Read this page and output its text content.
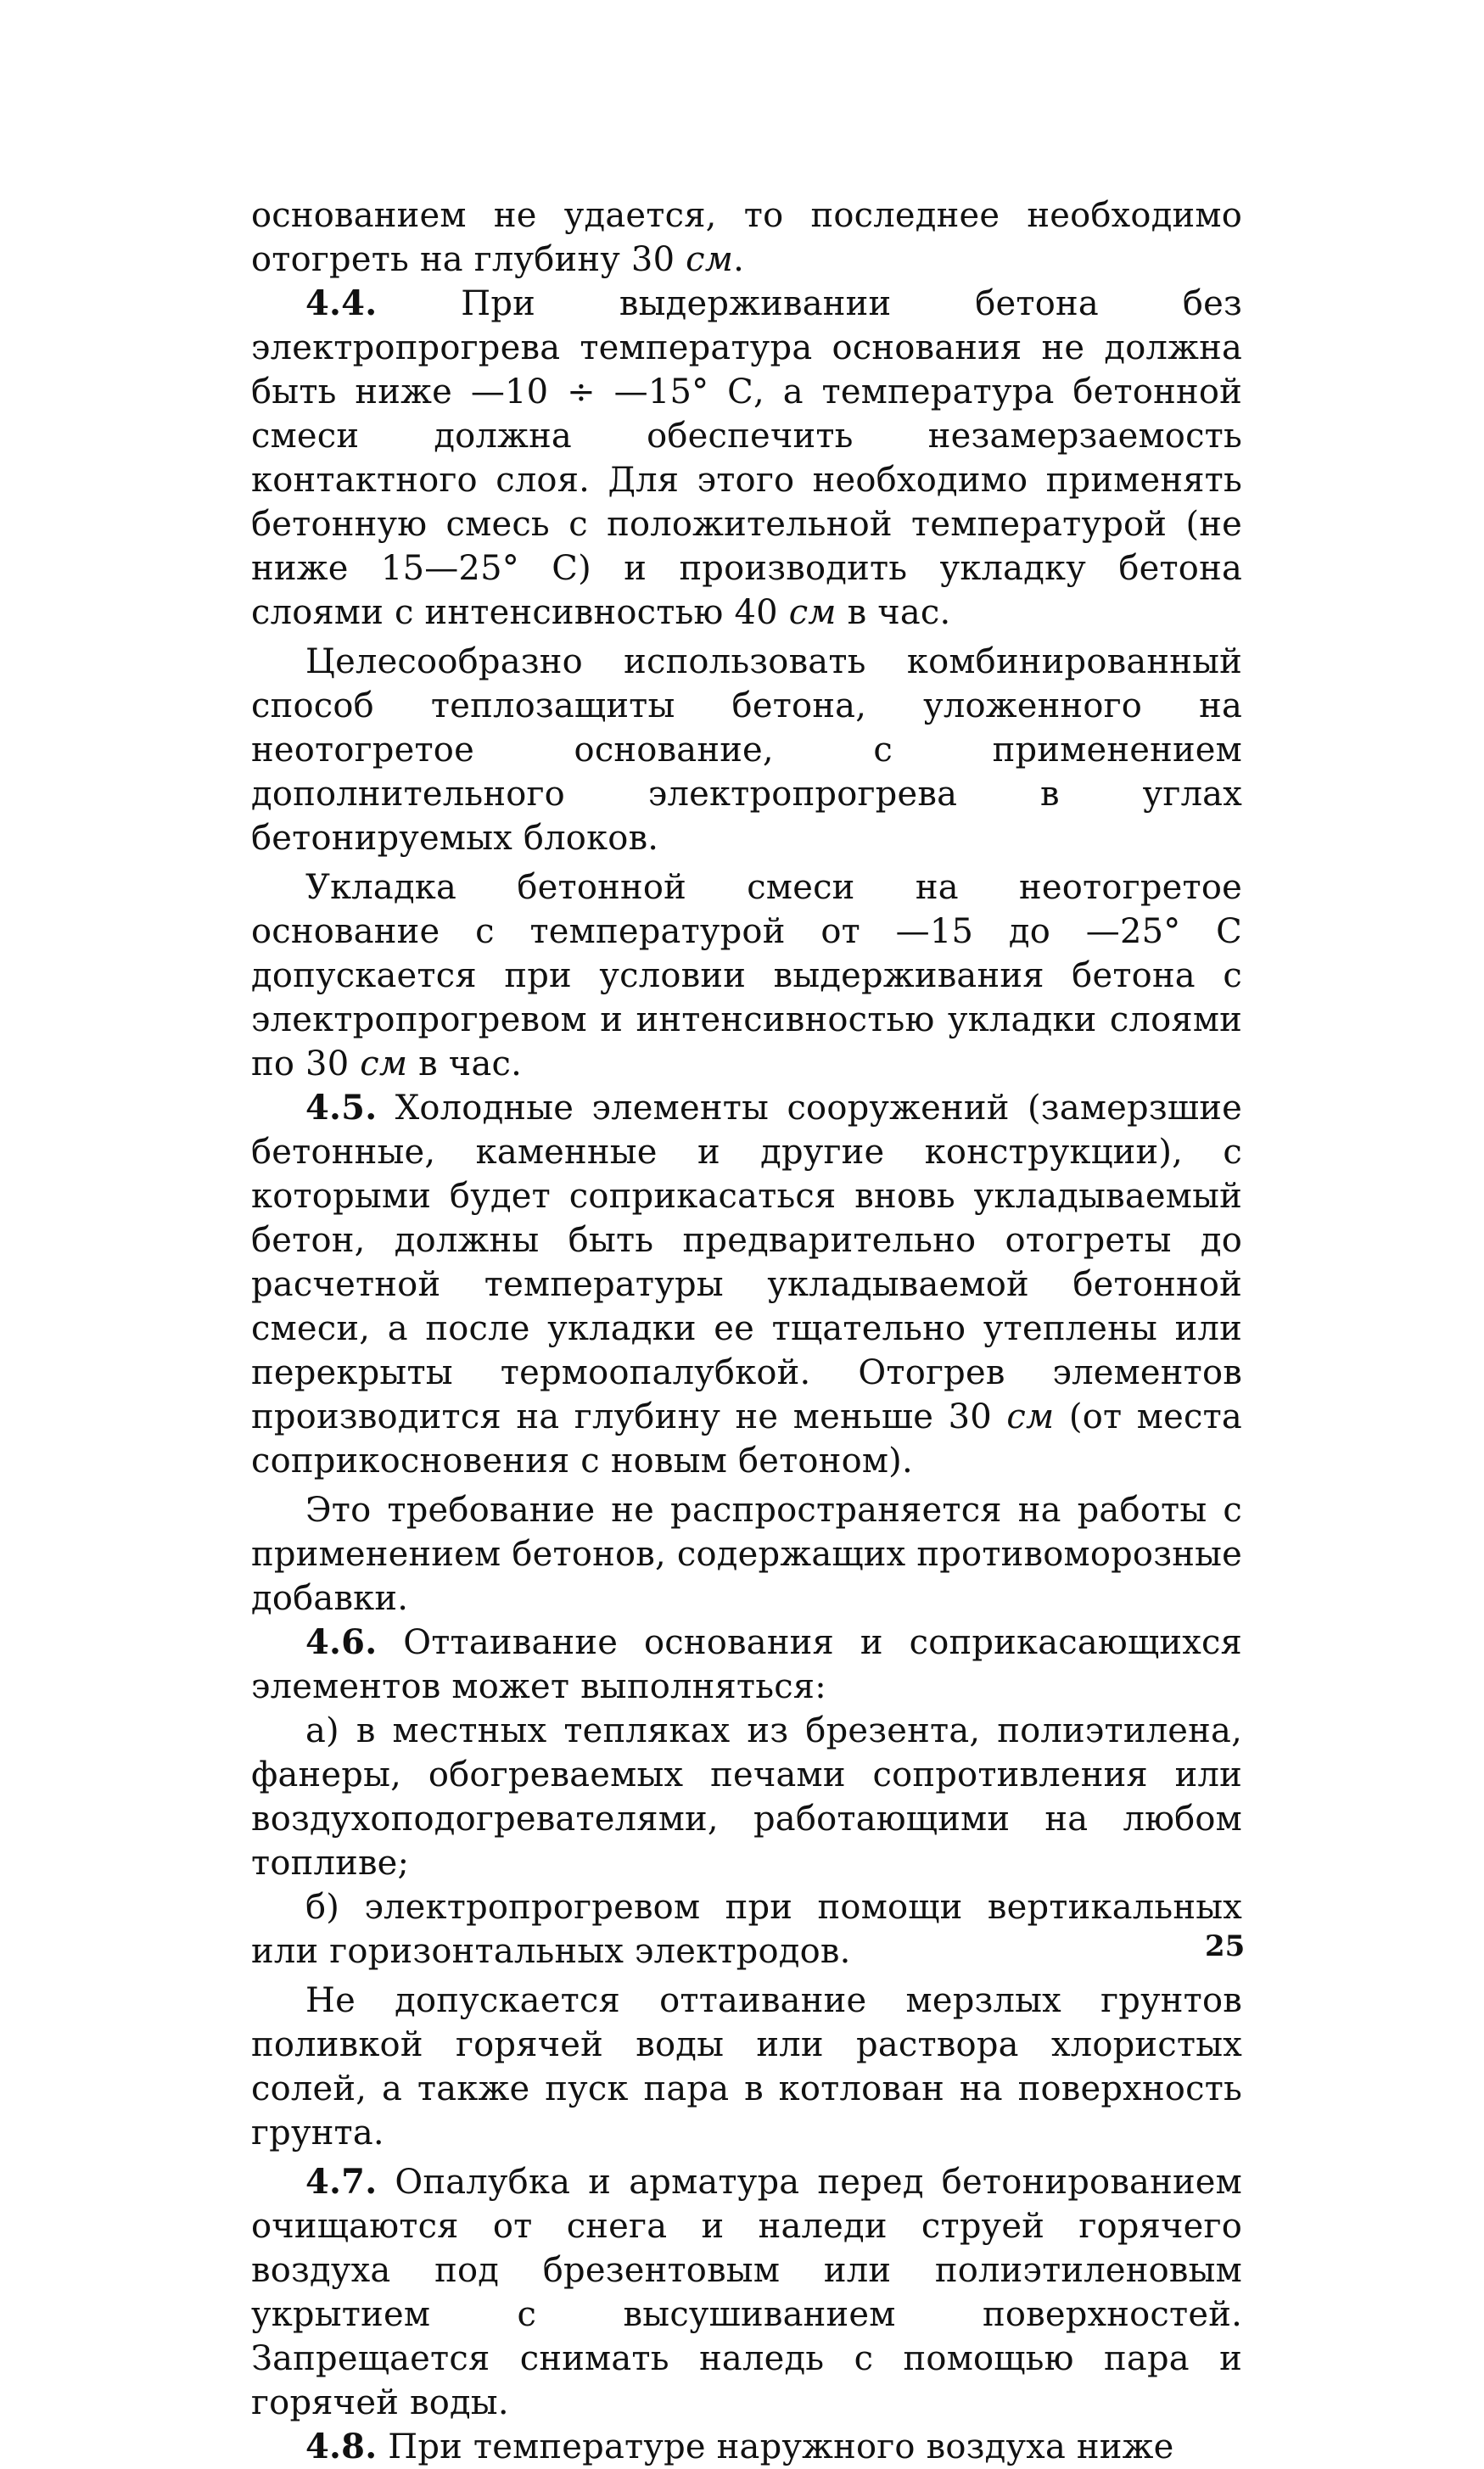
основанием не удается, то последнее необходимо отогреть на глубину 30 см.

4.4. При выдерживании бетона без электропрогрева температура основания не должна быть ниже —10 ÷ —15° С, а температура бетонной смеси должна обеспечить незамерзаемость контактного слоя. Для этого необходимо применять бетонную смесь с положительной температурой (не ниже 15—25° С) и производить укладку бетона слоями с интенсивностью 40 см в час.

Целесообразно использовать комбинированный способ теплозащиты бетона, уложенного на неотогретое основание, с применением дополнительного электропрогрева в углах бетонируемых блоков.

Укладка бетонной смеси на неотогретое основание с температурой от —15 до —25° С допускается при условии выдерживания бетона с электропрогревом и интенсивностью укладки слоями по 30 см в час.

4.5. Холодные элементы сооружений (замерзшие бетонные, каменные и другие конструкции), с которыми будет соприкасаться вновь укладываемый бетон, должны быть предварительно отогреты до расчетной температуры укладываемой бетонной смеси, а после укладки ее тщательно утеплены или перекрыты термоопалубкой. Отогрев элементов производится на глубину не меньше 30 см (от места соприкосновения с новым бетоном).

Это требование не распространяется на работы с применением бетонов, содержащих противоморозные добавки.

4.6. Оттаивание основания и соприкасающихся элементов может выполняться:

а) в местных тепляках из брезента, полиэтилена, фанеры, обогреваемых печами сопротивления или воздухоподогревателями, работающими на любом топливе;

б) электропрогревом при помощи вертикальных или горизонтальных электродов.

Не допускается оттаивание мерзлых грунтов поливкой горячей воды или раствора хлористых солей, а также пуск пара в котлован на поверхность грунта.

4.7. Опалубка и арматура перед бетонированием очищаются от снега и наледи струей горячего воздуха под брезентовым или полиэтиленовым укрытием с высушиванием поверхностей. Запрещается снимать наледь с помощью пара и горячей воды.

4.8. При температуре наружного воздуха ниже

25
